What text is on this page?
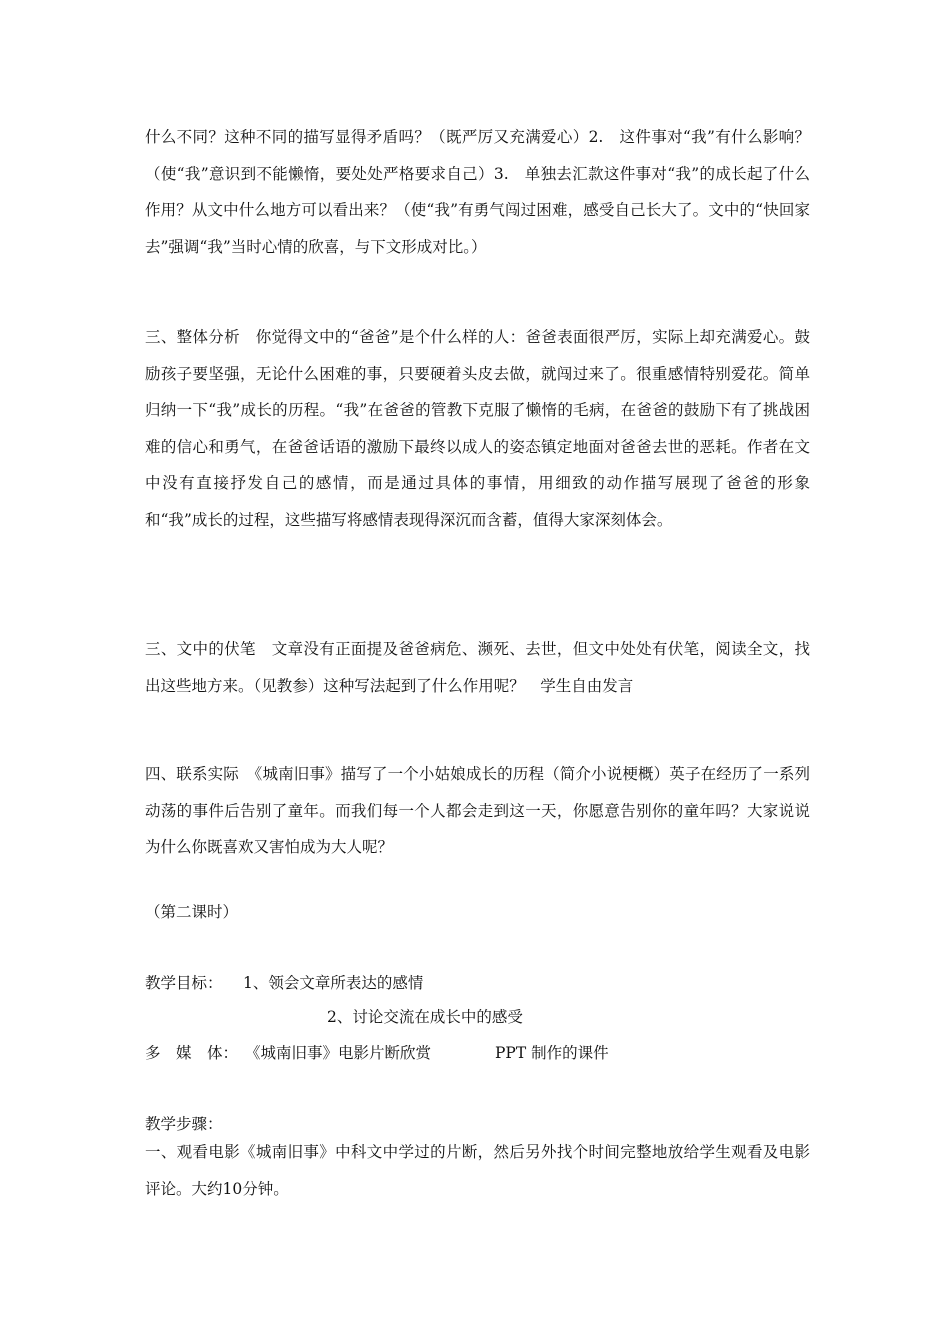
什么不同？这种不同的描写显得矛盾吗？（既严厉又充满爱心）2.　这件事对“我”有什么影响？（使“我”意识到不能懒惰，要处处严格要求自己）3.　单独去汇款这件事对“我”的成长起了什么作用？从文中什么地方可以看出来？（使“我”有勇气闯过困难，感受自己长大了。文中的“快回家去”强调“我”当时心情的欣喜，与下文形成对比。）

三、整体分析　你觉得文中的“爸爸”是个什么样的人：爸爸表面很严厉，实际上却充满爱心。鼓励孩子要坚强，无论什么困难的事，只要硬着头皮去做，就闯过来了。很重感情特别爱花。简单归纳一下“我”成长的历程。“我”在爸爸的管教下克服了懒惰的毛病，在爸爸的鼓励下有了挑战困难的信心和勇气，在爸爸话语的激励下最终以成人的姿态镇定地面对爸爸去世的恶耗。作者在文中没有直接抒发自己的感情，而是通过具体的事情，用细致的动作描写展现了爸爸的形象和“我”成长的过程，这些描写将感情表现得深沉而含蓄，值得大家深刻体会。

三、文中的伏笔　文章没有正面提及爸爸病危、濒死、去世，但文中处处有伏笔，阅读全文，找出这些地方来。（见教参）这种写法起到了什么作用呢？　学生自由发言

四、联系实际　《城南旧事》描写了一个小姑娘成长的历程（简介小说梗概）英子在经历了一系列动荡的事件后告别了童年。而我们每一个人都会走到这一天，你愿意告别你的童年吗？大家说说为什么你既喜欢又害怕成为大人呢？

（第二课时）
教学目标：	1、领会文章所表达的感情
2、讨论交流在成长中的感受
多　媒　体： 《城南旧事》电影片断欣赏	PPT 制作的课件
教学步骤：

一、观看电影《城南旧事》中科文中学过的片断，然后另外找个时间完整地放给学生观看及电影评论。大约10分钟。
